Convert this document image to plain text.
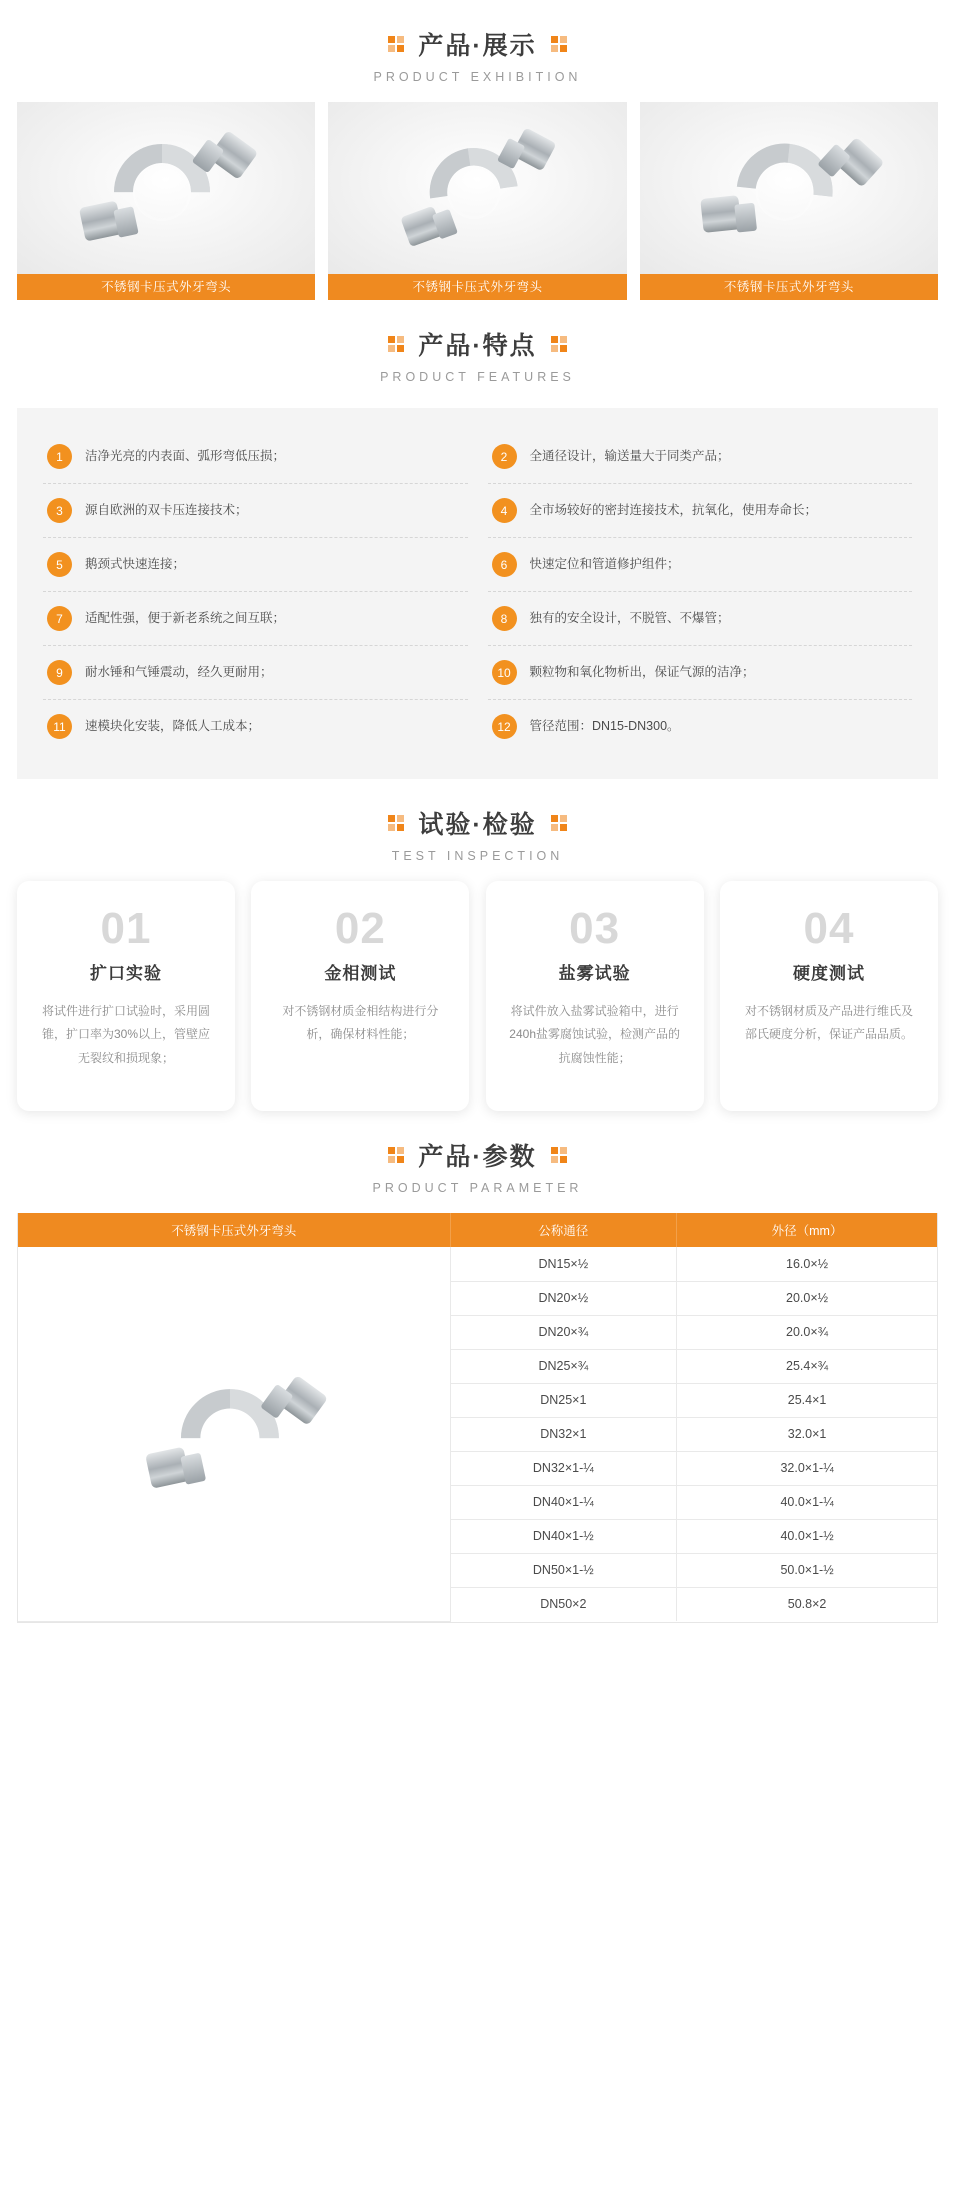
产品·展示
PRODUCT EXHIBITION
不锈钢卡压式外牙弯头	不锈钢卡压式外牙弯头	不锈钢卡压式外牙弯头
产品·特点
PRODUCT FEATURES
1	洁净光亮的内表面、弧形弯低压损；	2	全通径设计，输送量大于同类产品；
3	源自欧洲的双卡压连接技术；	4	全市场较好的密封连接技术，抗氧化，使用寿命长；
5	鹅颈式快速连接；	6	快速定位和管道修护组件；
7	适配性强，便于新老系统之间互联；	8	独有的安全设计，不脱管、不爆管；
9	耐水锤和气锤震动，经久更耐用；	10	颗粒物和氧化物析出，保证气源的洁净；
11	速模块化安装，降低人工成本；	12	管径范围：DN15-DN300。
试验·检验
TEST INSPECTION
01
扩口实验
将试件进行扩口试验时，采用圆锥，扩口率为30%以上，管壁应无裂纹和损现象；
02
金相测试
对不锈钢材质金相结构进行分析，确保材料性能；
03
盐雾试验
将试件放入盐雾试验箱中，进行240h盐雾腐蚀试验，检测产品的抗腐蚀性能；
04
硬度测试
对不锈钢材质及产品进行维氏及部氏硬度分析，保证产品品质。
产品·参数
PRODUCT PARAMETER
不锈钢卡压式外牙弯头	公称通径	外径（mm）

	DN15×½	16.0×½
	DN20×½	20.0×½
	DN20×¾	20.0×¾
	DN25×¾	25.4×¾
	DN25×1	25.4×1
	DN32×1	32.0×1
	DN32×1-¼	32.0×1-¼
	DN40×1-¼	40.0×1-¼
	DN40×1-½	40.0×1-½
	DN50×1-½	50.0×1-½
	DN50×2	50.8×2
